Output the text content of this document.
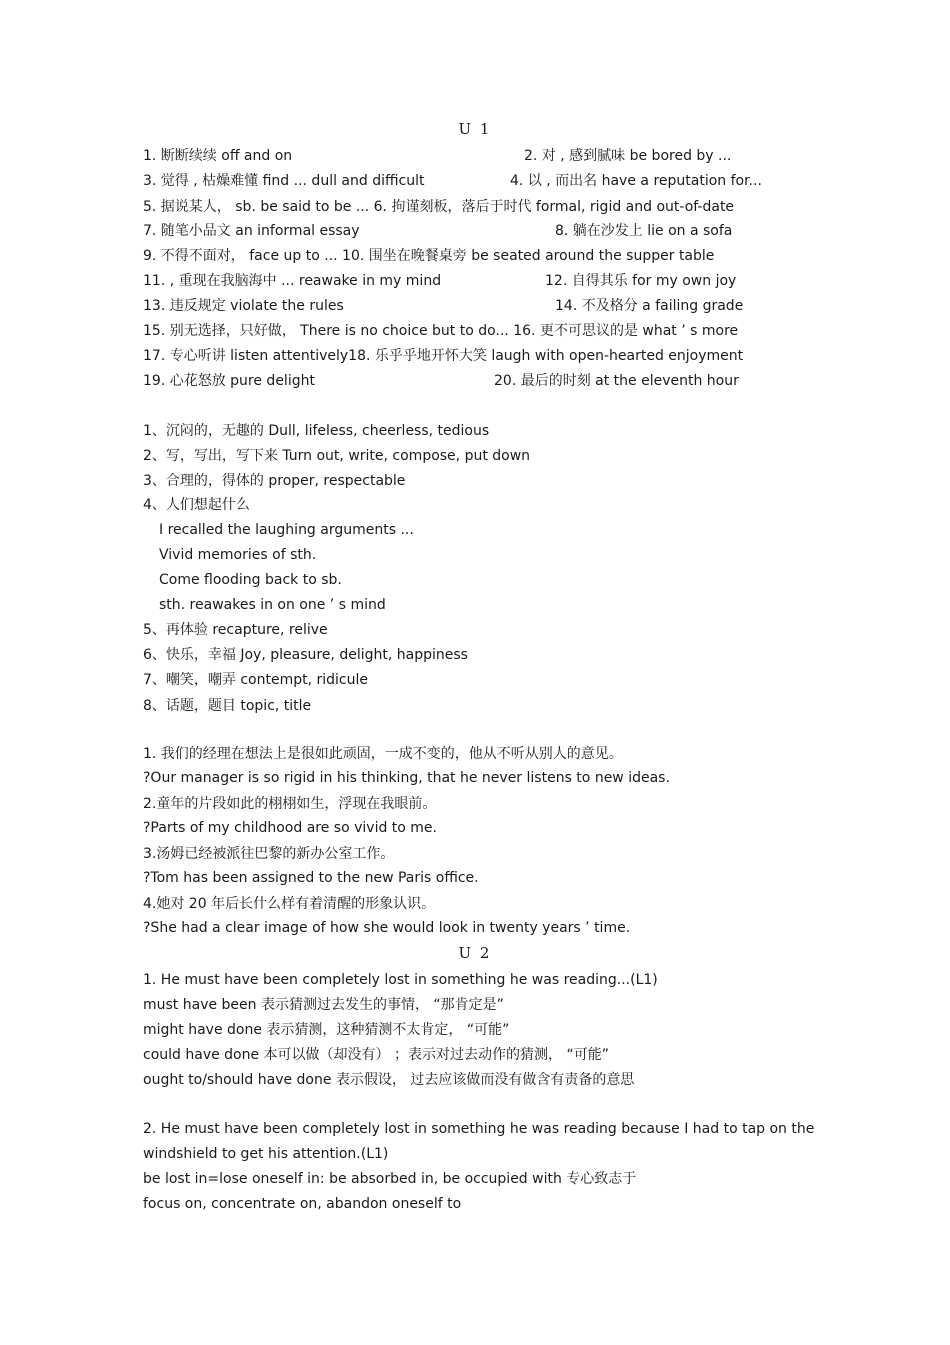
U 1
1. 断断续续 off and on	2. 对 , 感到腻味 be bored by ...
3. 觉得 , 枯燥难懂 find ... dull and difficult	4. 以 , 而出名 have a reputation for...
5. 据说某人， sb. be said to be ... 6. 拘谨刻板，落后于时代 formal, rigid and out-of-date
7. 随笔小品文 an informal essay	8. 躺在沙发上 lie on a sofa
9. 不得不面对， face up to ... 10. 围坐在晚餐桌旁 be seated around the supper table
11. , 重现在我脑海中 ... reawake in my mind	12. 自得其乐 for my own joy
13. 违反规定 violate the rules	14. 不及格分 a failing grade
15. 别无选择，只好做， There is no choice but to do... 16. 更不可思议的是 what ’ s more
17. 专心听讲 listen attentively18. 乐乎乎地开怀大笑 laugh with open-hearted enjoyment
19. 心花怒放 pure delight	20. 最后的时刻 at the eleventh hour
1、沉闷的，无趣的 Dull, lifeless, cheerless, tedious
2、写，写出，写下来 Turn out, write, compose, put down
3、合理的，得体的 proper, respectable
4、人们想起什么
I recalled the laughing arguments ...
Vivid memories of sth.
Come flooding back to sb.
sth. reawakes in on one ’ s mind
5、再体验 recapture, relive
6、快乐，幸福 Joy, pleasure, delight, happiness
7、嘲笑，嘲弄 contempt, ridicule
8、话题，题目 topic, title
1. 我们的经理在想法上是很如此顽固，一成不变的，他从不听从别人的意见。
?Our manager is so rigid in his thinking, that he never listens to new ideas.
2.童年的片段如此的栩栩如生，浮现在我眼前。
?Parts of my childhood are so vivid to me.
3.汤姆已经被派往巴黎的新办公室工作。
?Tom has been assigned to the new Paris office.
4.她对 20 年后长什么样有着清醒的形象认识。
?She had a clear image of how she would look in twenty years ’ time.
U 2
1. He must have been completely lost in something he was reading...(L1)
must have been 表示猜测过去发生的事情， “那肯定是”
might have done 表示猜测，这种猜测不太肯定， “可能”
could have done 本可以做（却没有） ；表示对过去动作的猜测， “可能”
ought to/should have done 表示假设， 过去应该做而没有做含有责备的意思
2. He must have been completely lost in something he was reading because I had to tap on the
windshield to get his attention.(L1)
be lost in=lose oneself in: be absorbed in, be occupied with 专心致志于
focus on, concentrate on, abandon oneself to
